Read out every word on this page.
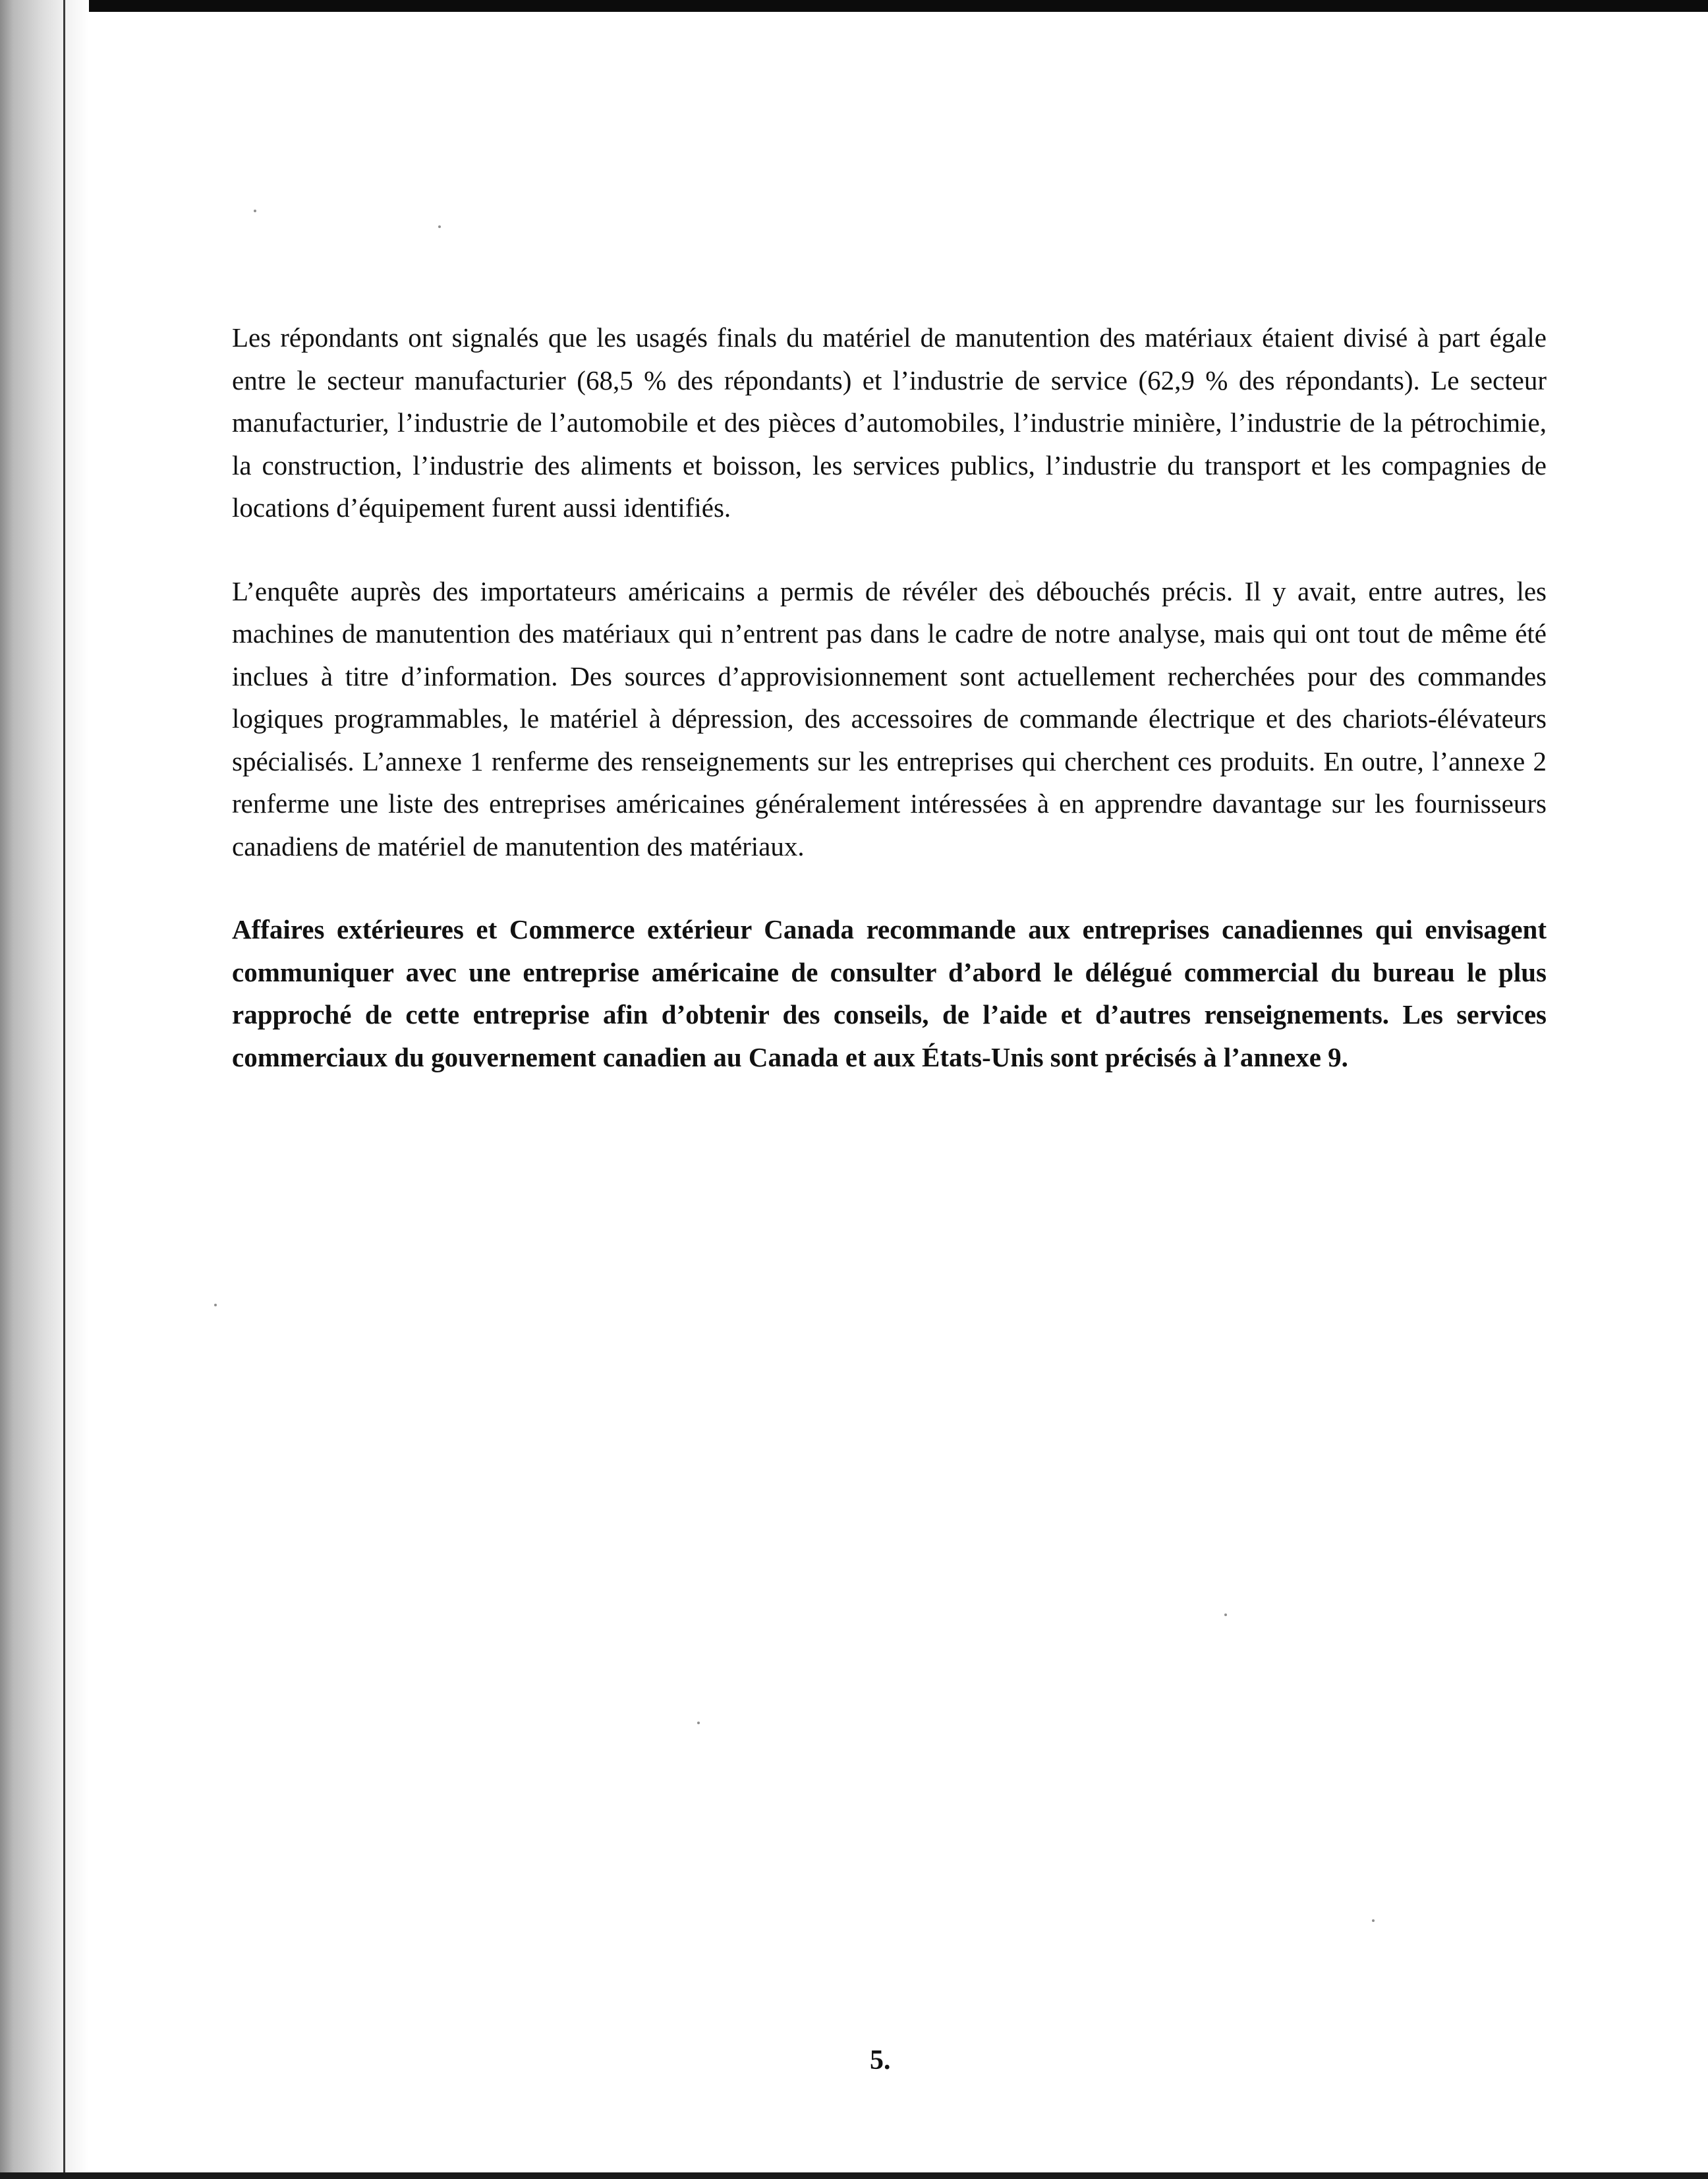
Les répondants ont signalés que les usagés finals du matériel de manutention des matériaux étaient divisé à part égale entre le secteur manufacturier (68,5 % des répondants) et l’industrie de service (62,9 % des répondants). Le secteur manufacturier, l’industrie de l’automobile et des pièces d’automobiles, l’industrie minière, l’industrie de la pétrochimie, la construction, l’industrie des aliments et boisson, les services publics, l’industrie du transport et les compagnies de locations d’équipement furent aussi identifiés.

L’enquête auprès des importateurs américains a permis de révéler des débouchés précis. Il y avait, entre autres, les machines de manutention des matériaux qui n’entrent pas dans le cadre de notre analyse, mais qui ont tout de même été inclues à titre d’information. Des sources d’approvisionnement sont actuellement recherchées pour des commandes logiques programmables, le matériel à dépression, des accessoires de commande électrique et des chariots-élévateurs spécialisés. L’annexe 1 renferme des renseignements sur les entreprises qui cherchent ces produits. En outre, l’annexe 2 renferme une liste des entreprises américaines généralement intéressées à en apprendre davantage sur les fournisseurs canadiens de matériel de manutention des matériaux.

Affaires extérieures et Commerce extérieur Canada recommande aux entreprises canadiennes qui envisagent communiquer avec une entreprise américaine de consulter d’abord le délégué commercial du bureau le plus rapproché de cette entreprise afin d’obtenir des conseils, de l’aide et d’autres renseignements. Les services commerciaux du gouvernement canadien au Canada et aux États-Unis sont précisés à l’annexe 9.

5.
